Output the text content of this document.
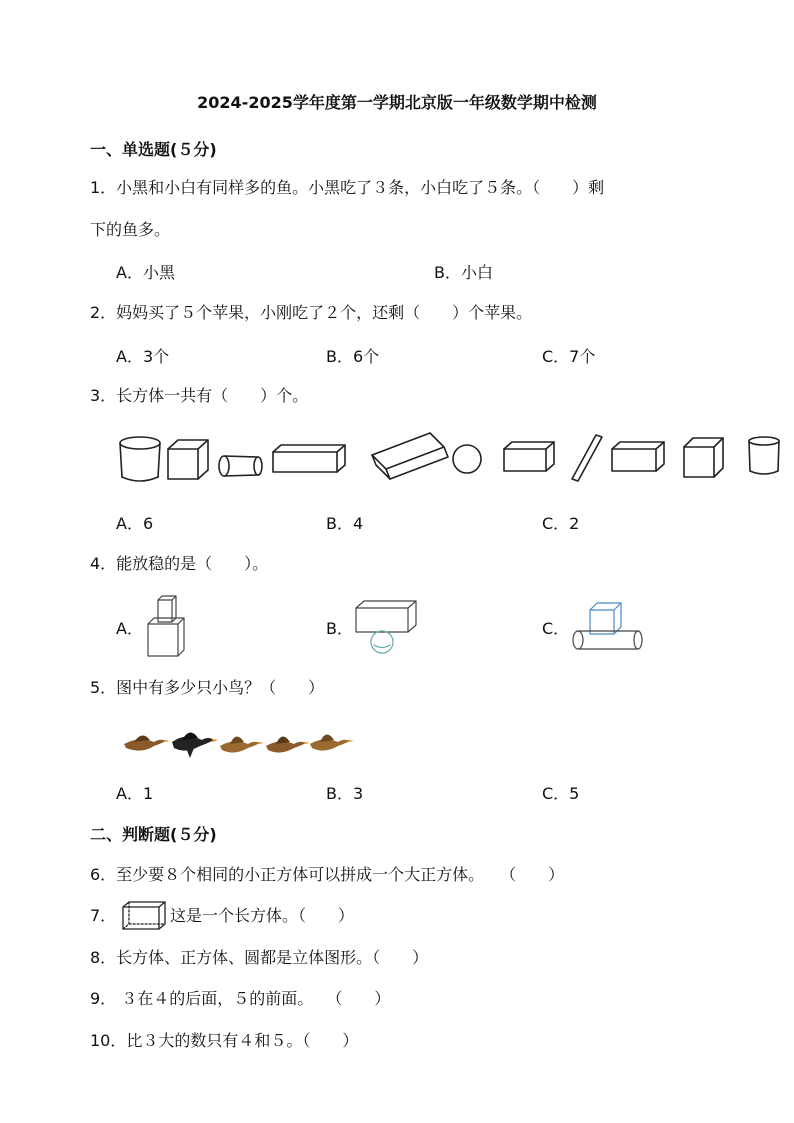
2024-2025学年度第一学期北京版一年级数学期中检测
一、单选题(５分)
1．小黑和小白有同样多的鱼。小黑吃了３条，小白吃了５条。（　　）剩
下的鱼多。
A．小黑	B．小白
2．妈妈买了５个苹果，小刚吃了２个，还剩（　　）个苹果。
A．3个	B．6个	C．7个
3．长方体一共有（　　）个。
A．6	B．4	C．2
4．能放稳的是（　　）。
A．	B．	C．
5．图中有多少只小鸟？（　　）
A．1	B．3	C．5
二、判断题(５分)
6．至少要８个相同的小正方体可以拼成一个大正方体。　　（　　）
7．	这是一个长方体。（　　）
8．长方体、正方体、圆都是立体图形。（　　）
9． ３在４的后面，５的前面。　 （　　）
10．比３大的数只有４和５。（　　）
